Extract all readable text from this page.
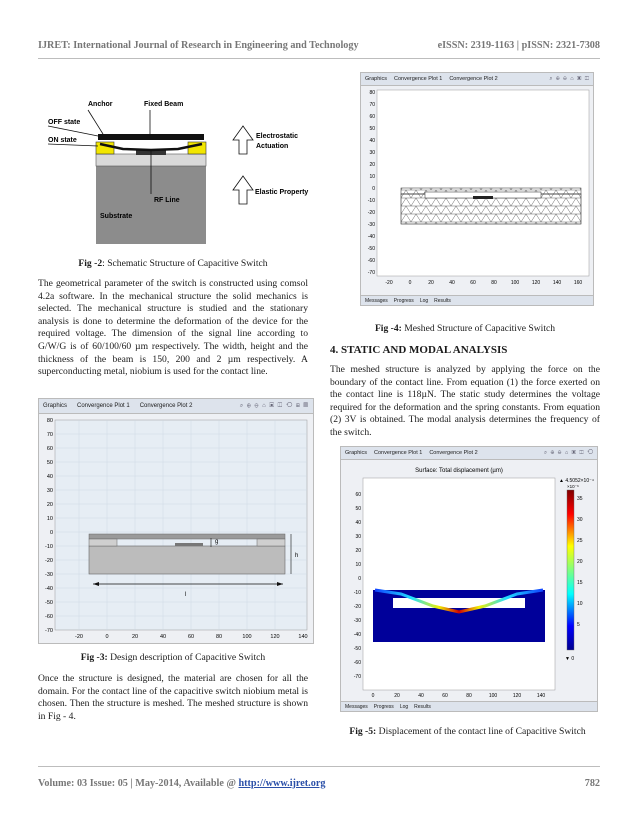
IJRET: International Journal of Research in Engineering and Technology	eISSN: 2319-1163 | pISSN: 2321-7308
Anchor	Fixed Beam
OFF state
ON state
RF Line
Substrate
Electrostatic
Actuation
Elastic Property
Fig -2: Schematic Structure of Capacitive Switch
The geometrical parameter of the switch is constructed using comsol 4.2a software. In the mechanical structure the solid mechanics is selected. The mechanical structure is studied and the stationary analysis is done to determine the deformation of the device for the required voltage. The dimension of the signal line according to G/W/G is of 60/100/60 µm respectively. The width, height and the thickness of the beam is 150, 200 and 2 µm respectively. A superconducting metal, niobium is used for the contact line.
Graphics Convergence Plot 1 Convergence Plot 2	⌕ ⊕ ⊖ ⌂ ▣ ◫ ⟲ ⊞ ▤
g
h
l
80
70
60
50
40
30
20
10
0
-10
-20
-30
-40
-50
-60
-70
-20	0	20	40	60	80	100	120	140
Fig -3: Design description of Capacitive Switch
Once the structure is designed, the material are chosen for all the domain. For the contact line of the capacitive switch niobium metal is chosen. Then the structure is meshed. The meshed structure is shown in Fig - 4.
Graphics Convergence Plot 1 Convergence Plot 2	⌕ ⊕ ⊖ ⌂ ▣ ◫
80
70
60
50
40
30
20
10
0
-10
-20
-30
-40
-50
-60
-70
-20	0	20	40	60	80	100	120	140	160
Messages Progress Log Results
Fig -4: Meshed Structure of Capacitive Switch
4. STATIC AND MODAL ANALYSIS
The meshed structure is analyzed by applying the force on the boundary of the contact line. From equation (1) the force exerted on the contact line is 118µN. The static study determines the voltage required for the deformation and the spring constants. From equation (2) 3V is obtained. The modal analysis determines the frequency of the switch.
Graphics Convergence Plot 1 Convergence Plot 2	⌕ ⊕ ⊖ ⌂ ▣ ◫ ⟲
Surface: Total displacement (µm)
▲ 4.5052×10⁻⁴
×10⁻⁶
▼ 0
35
30
25
20
15
10
5
60
50
40
30
20
10
0
-10
-20
-30
-40
-50
-60
-70
0	20	40	60	80	100	120	140
Messages Progress Log Results
Fig -5: Displacement of the contact line of Capacitive Switch
Volume: 03 Issue: 05 | May-2014, Available @ http://www.ijret.org	782
